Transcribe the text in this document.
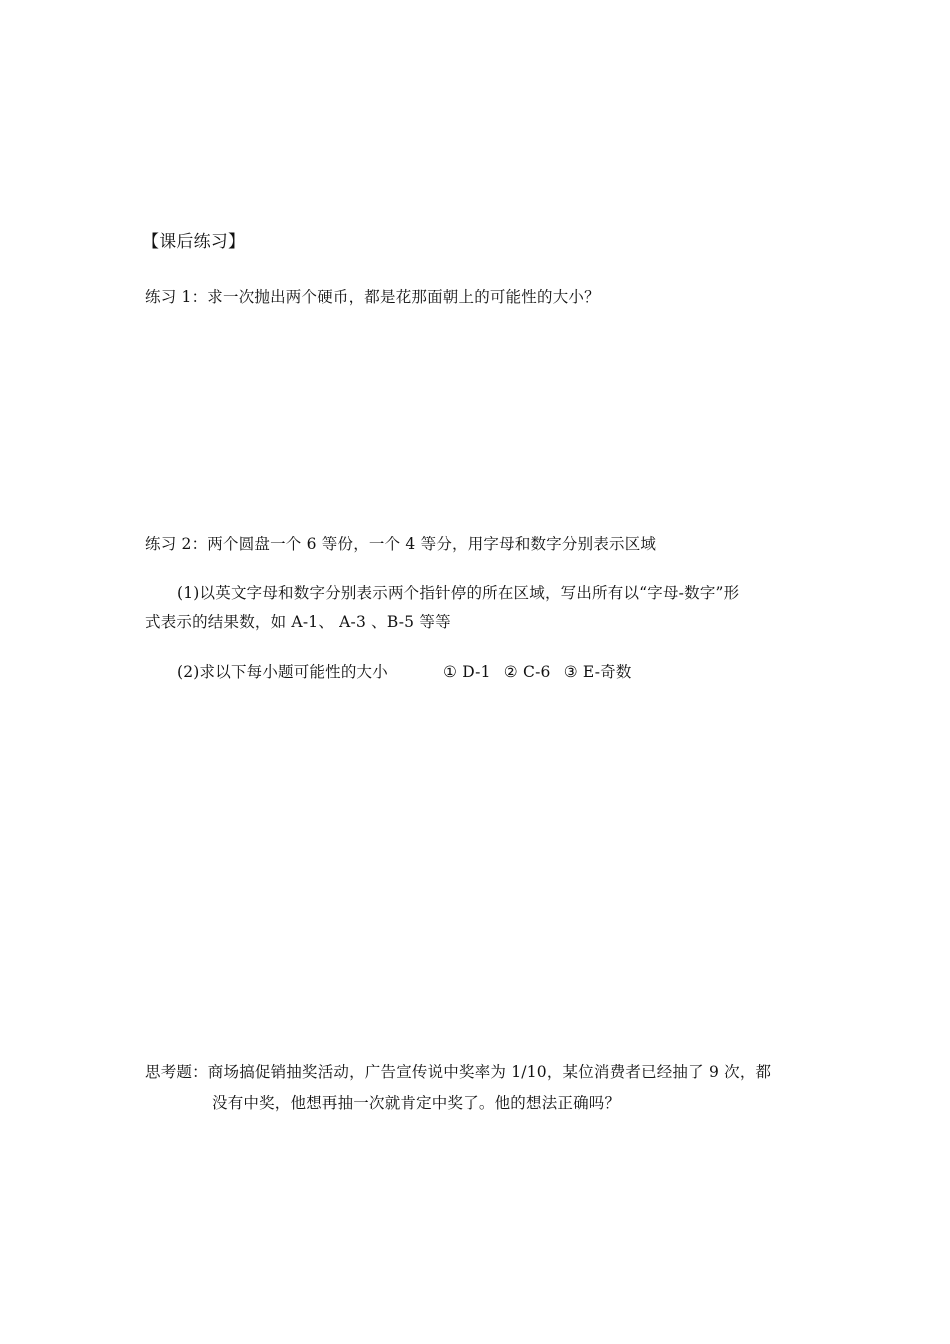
【课后练习】
练习 1：求一次抛出两个硬币，都是花那面朝上的可能性的大小？
练习 2：两个圆盘一个 6 等份，一个 4 等分，用字母和数字分别表示区域
(1)以英文字母和数字分别表示两个指针停的所在区域，写出所有以“字母-数字”形
式表示的结果数，如 A-1、 A-3 、B-5 等等
(2)求以下每小题可能性的大小	① D-1 ② C-6 ③ E-奇数
思考题：商场搞促销抽奖活动，广告宣传说中奖率为 1/10，某位消费者已经抽了 9 次，都
没有中奖，他想再抽一次就肯定中奖了。他的想法正确吗？
